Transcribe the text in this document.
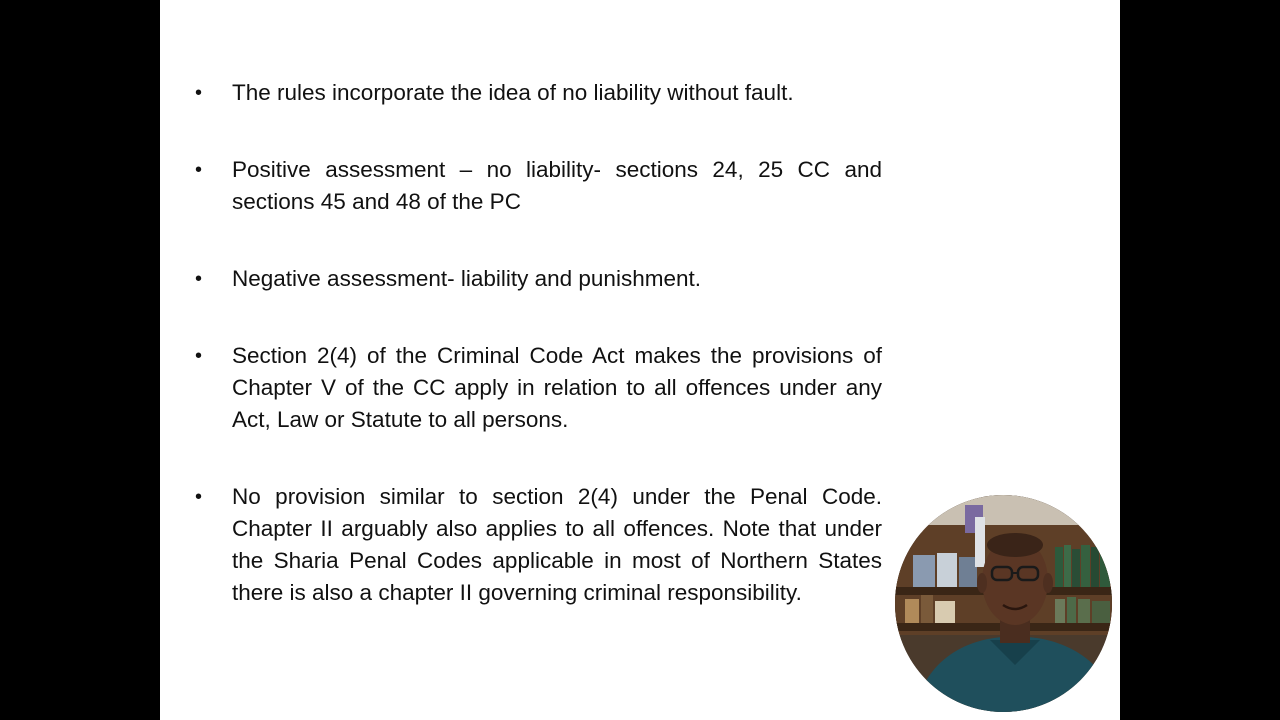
• The rules incorporate the idea of no liability without fault.
• Positive assessment – no liability- sections 24, 25 CC and sections 45 and 48 of the PC
• Negative assessment- liability and punishment.
• Section 2(4) of the Criminal Code Act makes the provisions of Chapter V of the CC apply in relation to all offences under any Act, Law or Statute to all persons.
• No provision similar to section 2(4) under the Penal Code. Chapter II arguably also applies to all offences. Note that under the Sharia Penal Codes applicable in most of Northern States there is also a chapter II governing criminal responsibility.
